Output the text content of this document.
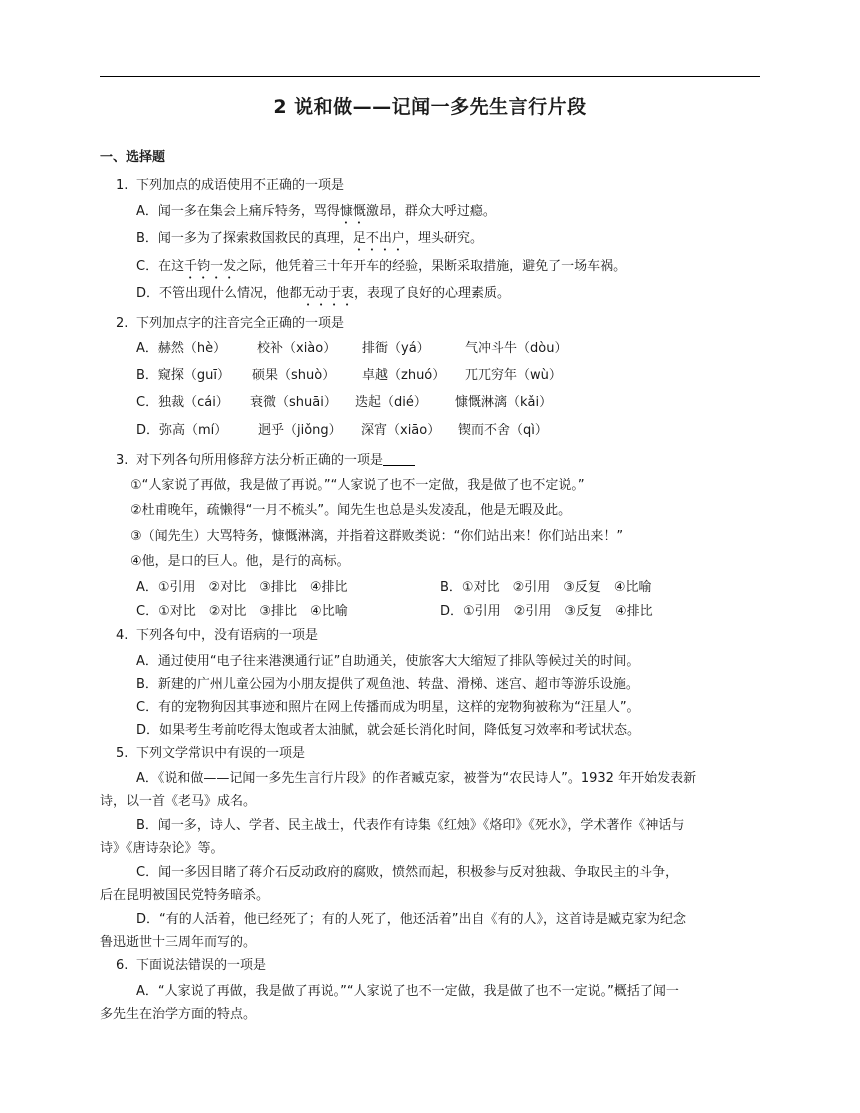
2 说和做——记闻一多先生言行片段
一、选择题
1. 下列加点的成语使用不正确的一项是
A．闻一多在集会上痛斥特务，骂得慷慨激昂，群众大呼过瘾。
B．闻一多为了探索救国救民的真理，足不出户，埋头研究。
C．在这千钧一发之际，他凭着三十年开车的经验，果断采取措施，避免了一场车祸。
D．不管出现什么情况，他都无动于衷，表现了良好的心理素质。
2. 下列加点字的注音完全正确的一项是
A．赫然（hè） 校补（xiào） 排衙（yá）	气冲斗牛（dòu）
B．窥探（guī） 硕果（shuò） 卓越（zhuó） 兀兀穷年（wù）
C．独裁（cái） 衰微（shuāi） 迭起（dié） 慷慨淋漓（kǎi）
D．弥高（mí） 迥乎（jiǒng） 深宵（xiāo） 锲而不舍（qì）
3. 对下列各句所用修辞方法分析正确的一项是
①“人家说了再做，我是做了再说。”“人家说了也不一定做，我是做了也不定说。”
②杜甫晚年，疏懒得“一月不梳头”。闻先生也总是头发凌乱，他是无暇及此。
③（闻先生）大骂特务，慷慨淋漓，并指着这群败类说：“你们站出来！你们站出来！”
④他，是口的巨人。他，是行的高标。
A．①引用　②对比　③排比　④排比	B．①对比　②引用　③反复　④比喻
C．①对比　②对比　③排比　④比喻	D．①引用　②引用　③反复　④排比
4. 下列各句中，没有语病的一项是
A．通过使用“电子往来港澳通行证”自助通关，使旅客大大缩短了排队等候过关的时间。
B．新建的广州儿童公园为小朋友提供了观鱼池、转盘、滑梯、迷宫、超市等游乐设施。
C．有的宠物狗因其事迹和照片在网上传播而成为明星，这样的宠物狗被称为“汪星人”。
D．如果考生考前吃得太饱或者太油腻，就会延长消化时间，降低复习效率和考试状态。
5. 下列文学常识中有误的一项是
A．《说和做——记闻一多先生言行片段》的作者臧克家，被誉为“农民诗人”。1932 年开始发表新
诗，以一首《老马》成名。
B．闻一多，诗人、学者、民主战士，代表作有诗集《红烛》《烙印》《死水》，学术著作《神话与
诗》《唐诗杂论》等。
C．闻一多因目睹了蒋介石反动政府的腐败，愤然而起，积极参与反对独裁、争取民主的斗争，
后在昆明被国民党特务暗杀。
D．“有的人活着，他已经死了；有的人死了，他还活着”出自《有的人》，这首诗是臧克家为纪念
鲁迅逝世十三周年而写的。
6. 下面说法错误的一项是
A．“人家说了再做，我是做了再说。”“人家说了也不一定做，我是做了也不一定说。”概括了闻一
多先生在治学方面的特点。
